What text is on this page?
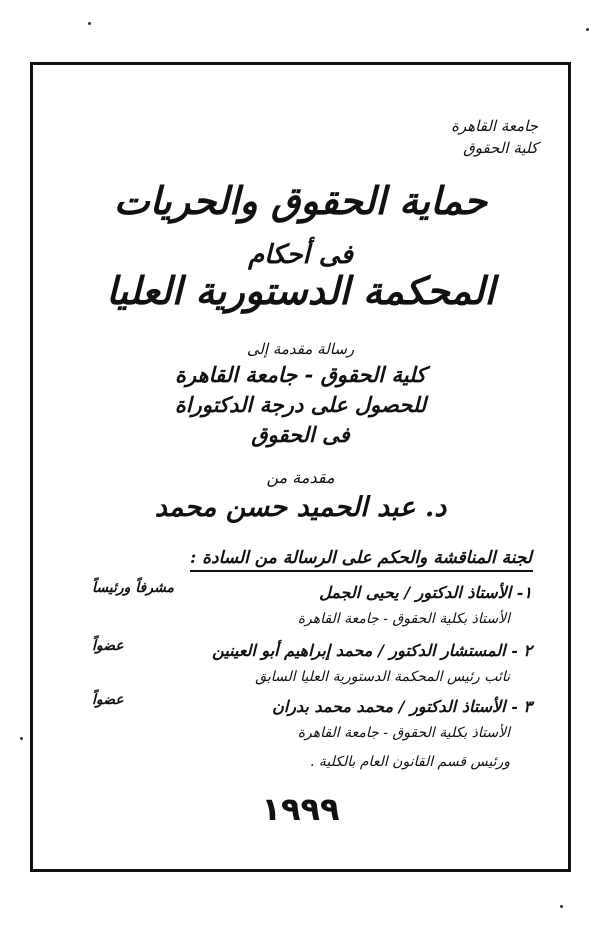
جامعة القاهرة
كلية الحقوق
حماية الحقوق والحريات
فى أحكام
المحكمة الدستورية العليا
رسالة مقدمة إلى
كلية الحقوق - جامعة القاهرة
للحصول على درجة الدكتوراة
فى الحقوق
مقدمة من
د. عبد الحميد حسن محمد
لجنة المناقشة والحكم على الرسالة من السادة :
١- الأستاذ الدكتور / يحيى الجمل
الأستاذ بكلية الحقوق - جامعة القاهرة
مشرفاً ورئيساً
٢ - المستشار الدكتور / محمد إبراهيم أبو العينين
نائب رئيس المحكمة الدستورية العليا السابق
عضواً
٣ - الأستاذ الدكتور / محمد محمد بدران
الأستاذ بكلية الحقوق - جامعة القاهرة
ورئيس قسم القانون العام بالكلية .
عضواً
١٩٩٩
